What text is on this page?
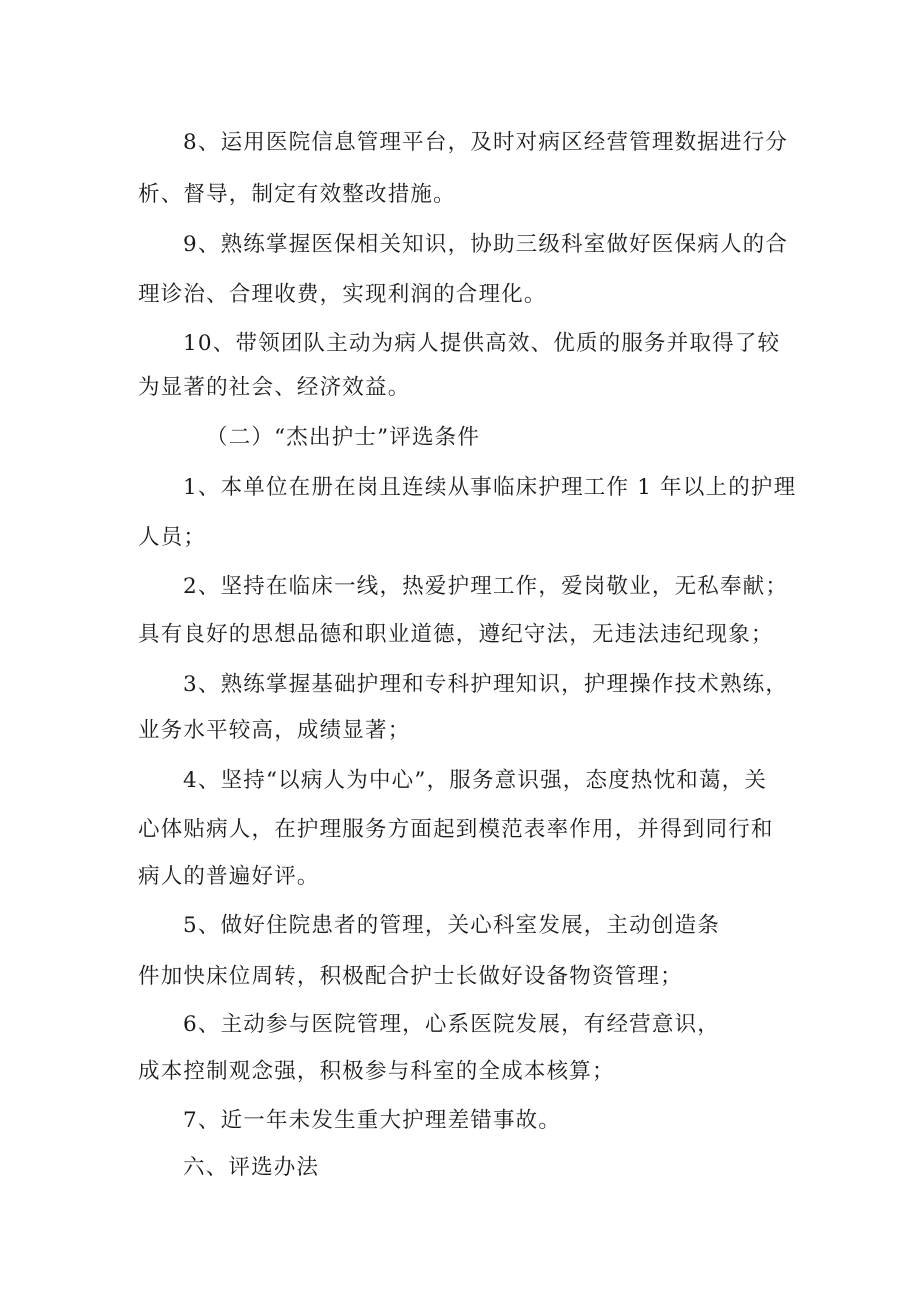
8、运用医院信息管理平台，及时对病区经营管理数据进行分
析、督导，制定有效整改措施。
9、熟练掌握医保相关知识，协助三级科室做好医保病人的合
理诊治、合理收费，实现利润的合理化。
10、带领团队主动为病人提供高效、优质的服务并取得了较
为显著的社会、经济效益。
（二）“杰出护士”评选条件
1、本单位在册在岗且连续从事临床护理工作 1 年以上的护理
人员；
2、坚持在临床一线，热爱护理工作，爱岗敬业，无私奉献；
具有良好的思想品德和职业道德，遵纪守法，无违法违纪现象；
3、熟练掌握基础护理和专科护理知识，护理操作技术熟练，
业务水平较高，成绩显著；
4、坚持“以病人为中心”，服务意识强，态度热忱和蔼，关
心体贴病人，在护理服务方面起到模范表率作用，并得到同行和
病人的普遍好评。
5、做好住院患者的管理，关心科室发展，主动创造条
件加快床位周转，积极配合护士长做好设备物资管理；
6、主动参与医院管理，心系医院发展，有经营意识，
成本控制观念强，积极参与科室的全成本核算；
7、近一年未发生重大护理差错事故。
六、评选办法
